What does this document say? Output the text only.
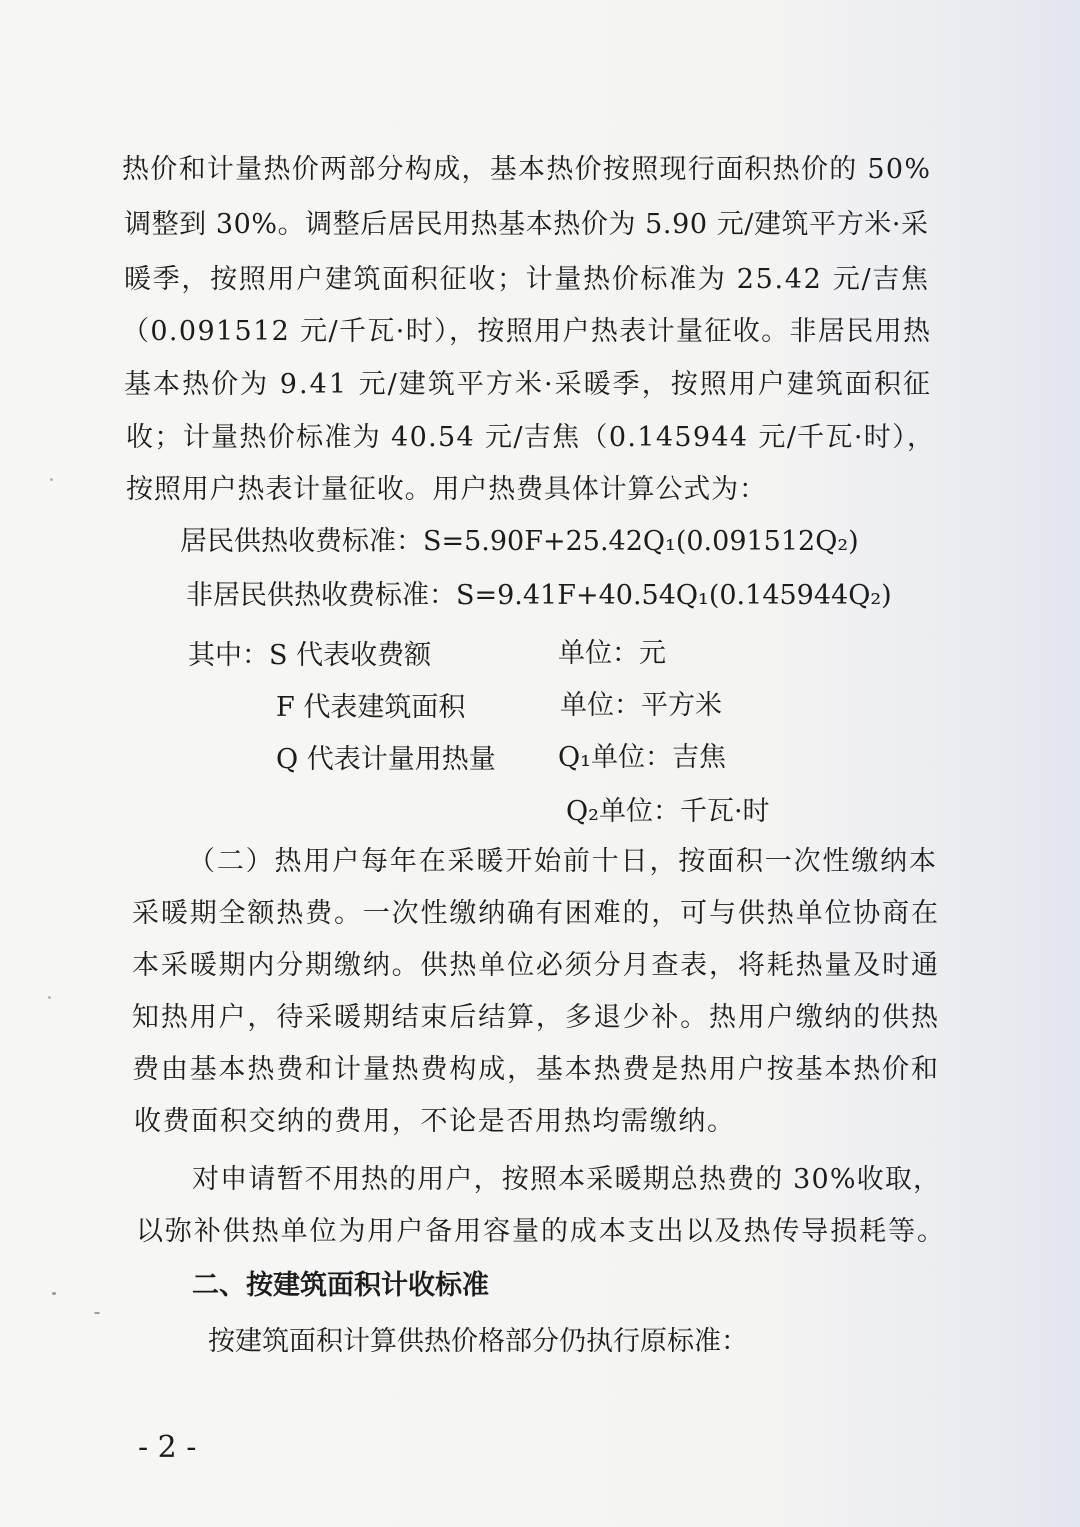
热价和计量热价两部分构成，基本热价按照现行面积热价的 50%
调整到 30%。调整后居民用热基本热价为 5.90 元/建筑平方米·采
暖季，按照用户建筑面积征收；计量热价标准为 25.42 元/吉焦
（0.091512 元/千瓦·时），按照用户热表计量征收。非居民用热
基本热价为 9.41 元/建筑平方米·采暖季，按照用户建筑面积征
收；计量热价标准为 40.54 元/吉焦（0.145944 元/千瓦·时），
按照用户热表计量征收。用户热费具体计算公式为：
居民供热收费标准：S=5.90F+25.42Q₁(0.091512Q₂)
非居民供热收费标准：S=9.41F+40.54Q₁(0.145944Q₂)
其中：S 代表收费额	单位：元
F 代表建筑面积	单位：平方米
Q 代表计量用热量 Q₁单位：吉焦
Q₂单位：千瓦·时
（二）热用户每年在采暖开始前十日，按面积一次性缴纳本
采暖期全额热费。一次性缴纳确有困难的，可与供热单位协商在
本采暖期内分期缴纳。供热单位必须分月查表，将耗热量及时通
知热用户，待采暖期结束后结算，多退少补。热用户缴纳的供热
费由基本热费和计量热费构成，基本热费是热用户按基本热价和
收费面积交纳的费用，不论是否用热均需缴纳。
对申请暂不用热的用户，按照本采暖期总热费的 30%收取，
以弥补供热单位为用户备用容量的成本支出以及热传导损耗等。
二、按建筑面积计收标准
按建筑面积计算供热价格部分仍执行原标准：
- 2 -
